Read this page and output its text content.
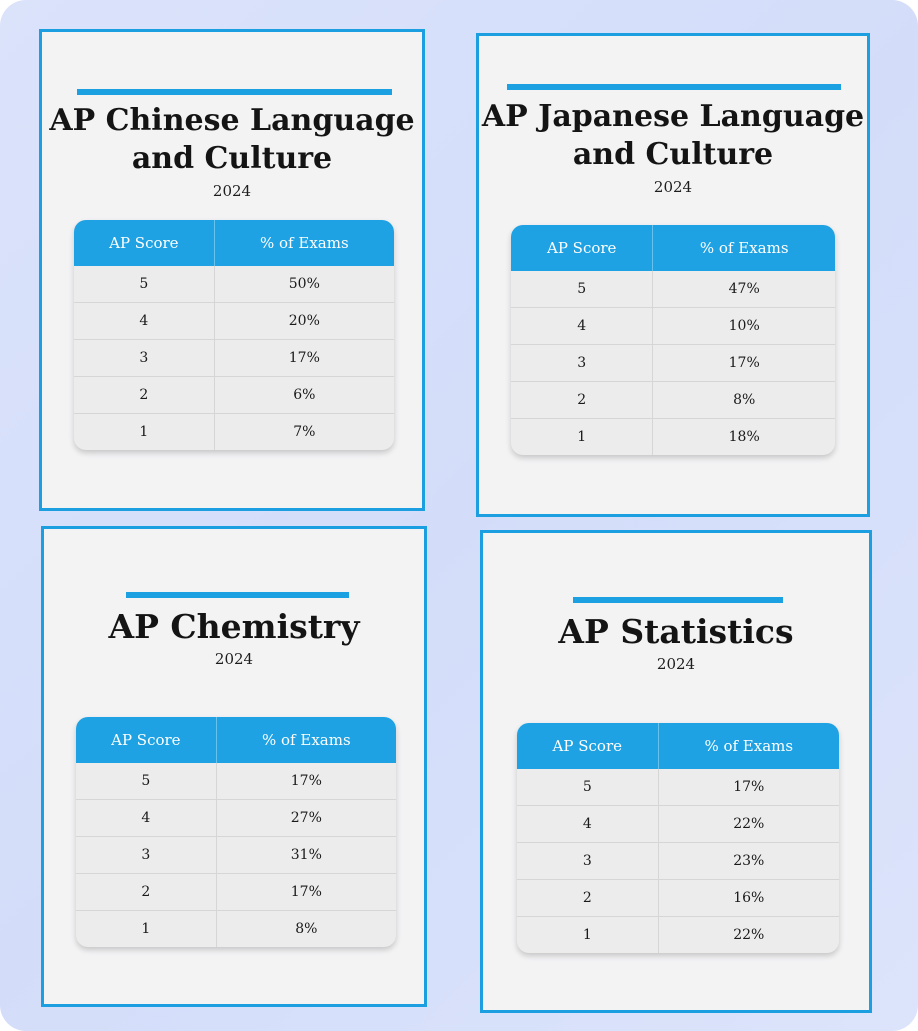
AP Chinese Language
and Culture
2024
AP Score	% of Exams
5	50%
4	20%
3	17%
2	6%
1	7%
AP Japanese Language
and Culture
2024
AP Score	% of Exams
5	47%
4	10%
3	17%
2	8%
1	18%
AP Chemistry
2024
AP Score	% of Exams
5	17%
4	27%
3	31%
2	17%
1	8%
AP Statistics
2024
AP Score	% of Exams
5	17%
4	22%
3	23%
2	16%
1	22%
